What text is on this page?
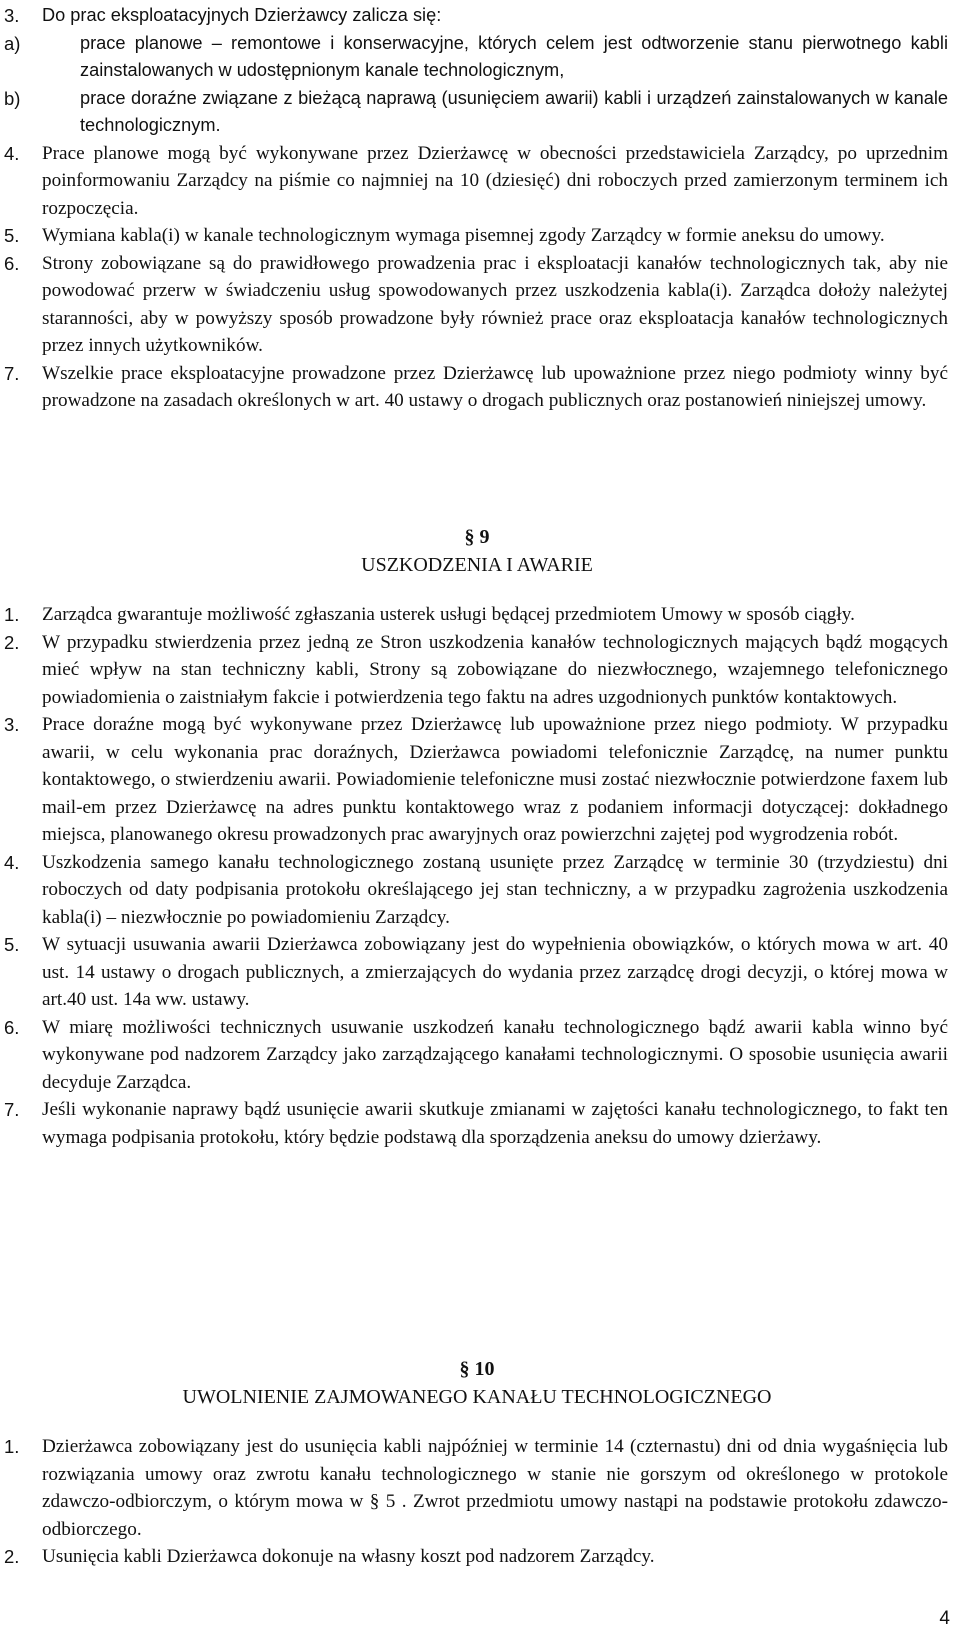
3. Do prac eksploatacyjnych Dzierżawcy zalicza się:
a)	prace planowe – remontowe i konserwacyjne, których celem jest odtworzenie stanu pierwotnego kabli zainstalowanych w udostępnionym kanale technologicznym,
b)	prace doraźne związane z bieżącą naprawą (usunięciem awarii) kabli i urządzeń zainstalowanych w kanale technologicznym.
4. Prace planowe mogą być wykonywane przez Dzierżawcę w obecności przedstawiciela Zarządcy, po uprzednim poinformowaniu Zarządcy na piśmie co najmniej na 10 (dziesięć) dni roboczych przed zamierzonym terminem ich rozpoczęcia.
5. Wymiana kabla(i) w kanale technologicznym wymaga pisemnej zgody Zarządcy w formie aneksu do umowy.
6. Strony zobowiązane są do prawidłowego prowadzenia prac i eksploatacji kanałów technologicznych tak, aby nie powodować przerw w świadczeniu usług spowodowanych przez uszkodzenia kabla(i). Zarządca dołoży należytej staranności, aby w powyższy sposób prowadzone były również prace oraz eksploatacja kanałów technologicznych przez innych użytkowników.
7. Wszelkie prace eksploatacyjne prowadzone przez Dzierżawcę lub upoważnione przez niego podmioty winny być prowadzone na zasadach określonych w art. 40 ustawy o drogach publicznych oraz postanowień niniejszej umowy.
§ 9
USZKODZENIA I AWARIE
1. Zarządca gwarantuje możliwość zgłaszania usterek usługi będącej przedmiotem Umowy w sposób ciągły.
2. W przypadku stwierdzenia przez jedną ze Stron uszkodzenia kanałów technologicznych mających bądź mogących mieć wpływ na stan techniczny kabli, Strony są zobowiązane do niezwłocznego, wzajemnego telefonicznego powiadomienia o zaistniałym fakcie i potwierdzenia tego faktu na adres uzgodnionych punktów kontaktowych.
3. Prace doraźne mogą być wykonywane przez Dzierżawcę lub upoważnione przez niego podmioty. W przypadku awarii, w celu wykonania prac doraźnych, Dzierżawca powiadomi telefonicznie Zarządcę, na numer punktu kontaktowego, o stwierdzeniu awarii. Powiadomienie telefoniczne musi zostać niezwłocznie potwierdzone faxem lub mail-em przez Dzierżawcę na adres punktu kontaktowego wraz z podaniem informacji dotyczącej: dokładnego miejsca, planowanego okresu prowadzonych prac awaryjnych oraz powierzchni zajętej pod wygrodzenia robót.
4. Uszkodzenia samego kanału technologicznego zostaną usunięte przez Zarządcę w terminie 30 (trzydziestu) dni roboczych od daty podpisania protokołu określającego jej stan techniczny, a w przypadku zagrożenia uszkodzenia kabla(i) – niezwłocznie po powiadomieniu Zarządcy.
5. W sytuacji usuwania awarii Dzierżawca zobowiązany jest do wypełnienia obowiązków, o których mowa w art. 40 ust. 14 ustawy o drogach publicznych, a zmierzających do wydania przez zarządcę drogi decyzji, o której mowa w art.40 ust. 14a ww. ustawy.
6. W miarę możliwości technicznych usuwanie uszkodzeń kanału technologicznego bądź awarii kabla winno być wykonywane pod nadzorem Zarządcy jako zarządzającego kanałami technologicznymi. O sposobie usunięcia awarii decyduje Zarządca.
7. Jeśli wykonanie naprawy bądź usunięcie awarii skutkuje zmianami w zajętości kanału technologicznego, to fakt ten wymaga podpisania protokołu, który będzie podstawą dla sporządzenia aneksu do umowy dzierżawy.
§ 10
UWOLNIENIE ZAJMOWANEGO KANAŁU TECHNOLOGICZNEGO
1. Dzierżawca zobowiązany jest do usunięcia kabli najpóźniej w terminie 14 (czternastu) dni od dnia wygaśnięcia lub rozwiązania umowy oraz zwrotu kanału technologicznego w stanie nie gorszym od określonego w protokole zdawczo-odbiorczym, o którym mowa w § 5 . Zwrot przedmiotu umowy nastąpi na podstawie protokołu zdawczo-odbiorczego.
2. Usunięcia kabli Dzierżawca dokonuje na własny koszt pod nadzorem Zarządcy.
4
